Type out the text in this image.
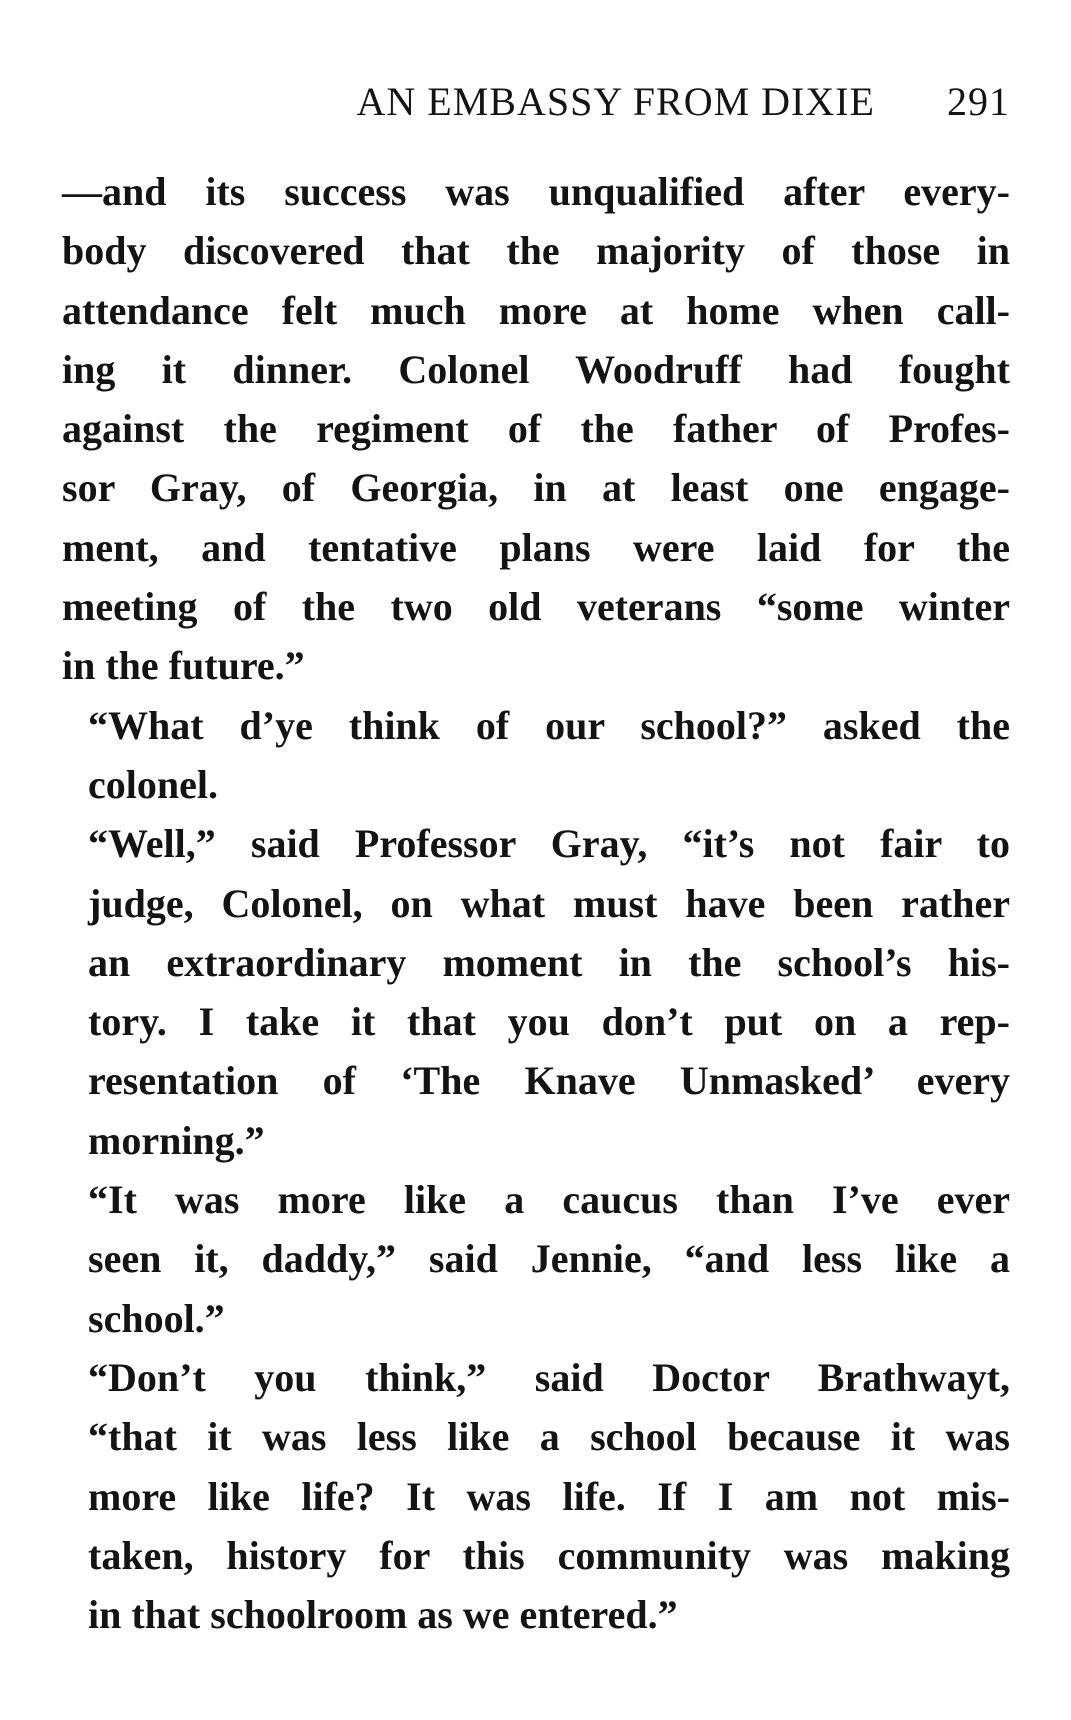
AN EMBASSY FROM DIXIE 291

—and its success was unqualified after every-
body discovered that the majority of those in
attendance felt much more at home when call-
ing it dinner. Colonel Woodruff had fought
against the regiment of the father of Profes-
sor Gray, of Georgia, in at least one engage-
ment, and tentative plans were laid for the
meeting of the two old veterans “some winter
in the future.”

“What d’ye think of our school?” asked the
colonel.

“Well,” said Professor Gray, “it’s not fair to
judge, Colonel, on what must have been rather
an extraordinary moment in the school’s his-
tory. I take it that you don’t put on a rep-
resentation of ‘The Knave Unmasked’ every
morning.”

“It was more like a caucus than I’ve ever
seen it, daddy,” said Jennie, “and less like a
school.”

“Don’t you think,” said Doctor Brathwayt,
“that it was less like a school because it was
more like life? It was life. If I am not mis-
taken, history for this community was making
in that schoolroom as we entered.”
